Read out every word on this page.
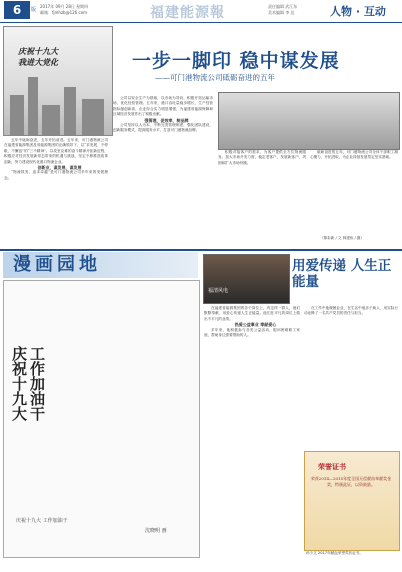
6	版
2017年 09月 28日 星期四
邮箱：fjmhzb@126.com	福建能源報	责任编辑 武江东
美术编辑 李 达	人物 · 互动
庆祝十九大
我进大党化	一步一脚印 稳中谋发展
——可门港物流公司砥砺奋进的五年

五年中砥砺奋进，五年开拓前进。五年来，可门港物流公司在福建省能源集团及省能源集团的正确领导下，以“求发展、不停歇，不懈怠”的“三不精神”，以攻坚克难的奋斗精神开拓新征程，积极应对经济发展新常态带来的机遇与挑战，坚定不移推进改革创新，努力建设现代化港口物流企业。

创新业，谋发展，谋发展

“物流抓发，追求卓越”是可门港物流公司多年来的发展理念。

公司以安全生产为基础，以市场为导向，积极开拓运输市场，优化经营管理。五年来，港口吞吐量稳步增长，生产经营指标屡创新高，企业综合实力明显增强，为福建省能源保障和区域经济发展作出了积极贡献。

强管理，促效率，树品牌

公司坚持以人为本，不断完善管理制度，强化团队建设，创新服务模式，提高服务水平，打造可门港物流品牌。

积极对接客户的需求，为客户提供全方位物流服务。加大市场开发力度，稳定老客户，发展新客户，巩固和扩大市场份额。

砥砺奋进的五年，可门港物流公司全体干部职工凝心聚力、开拓进取，为企业持续发展奠定坚实基础。

（陈彩新 / 文 林建伟 / 摄）
漫画园地
工作加油干
庆祝十九大
庆祝十九大 工作加油干
沈晓明 画
福清风电
用爱传递 人生正能量

在福建省能源集团的各个岗位上，有这样一群人，他们默默奉献，用爱心传递人生正能量。他们在平凡的岗位上做出不平凡的业绩。

热爱公益事业 奉献爱心

多年来，他积极参与各类公益活动，慰问困难职工家庭，帮助身边需要帮助的人。

在工作中他兢兢业业，在生活中他乐于助人，用实际行动诠释了一名共产党员的责任与担当。

荣誉证书
荣获2014—2015年度全国无偿献血奉献奖金奖，特颁此证，以资鼓励。
孙少文 2017年献血荣誉奖状证书。
